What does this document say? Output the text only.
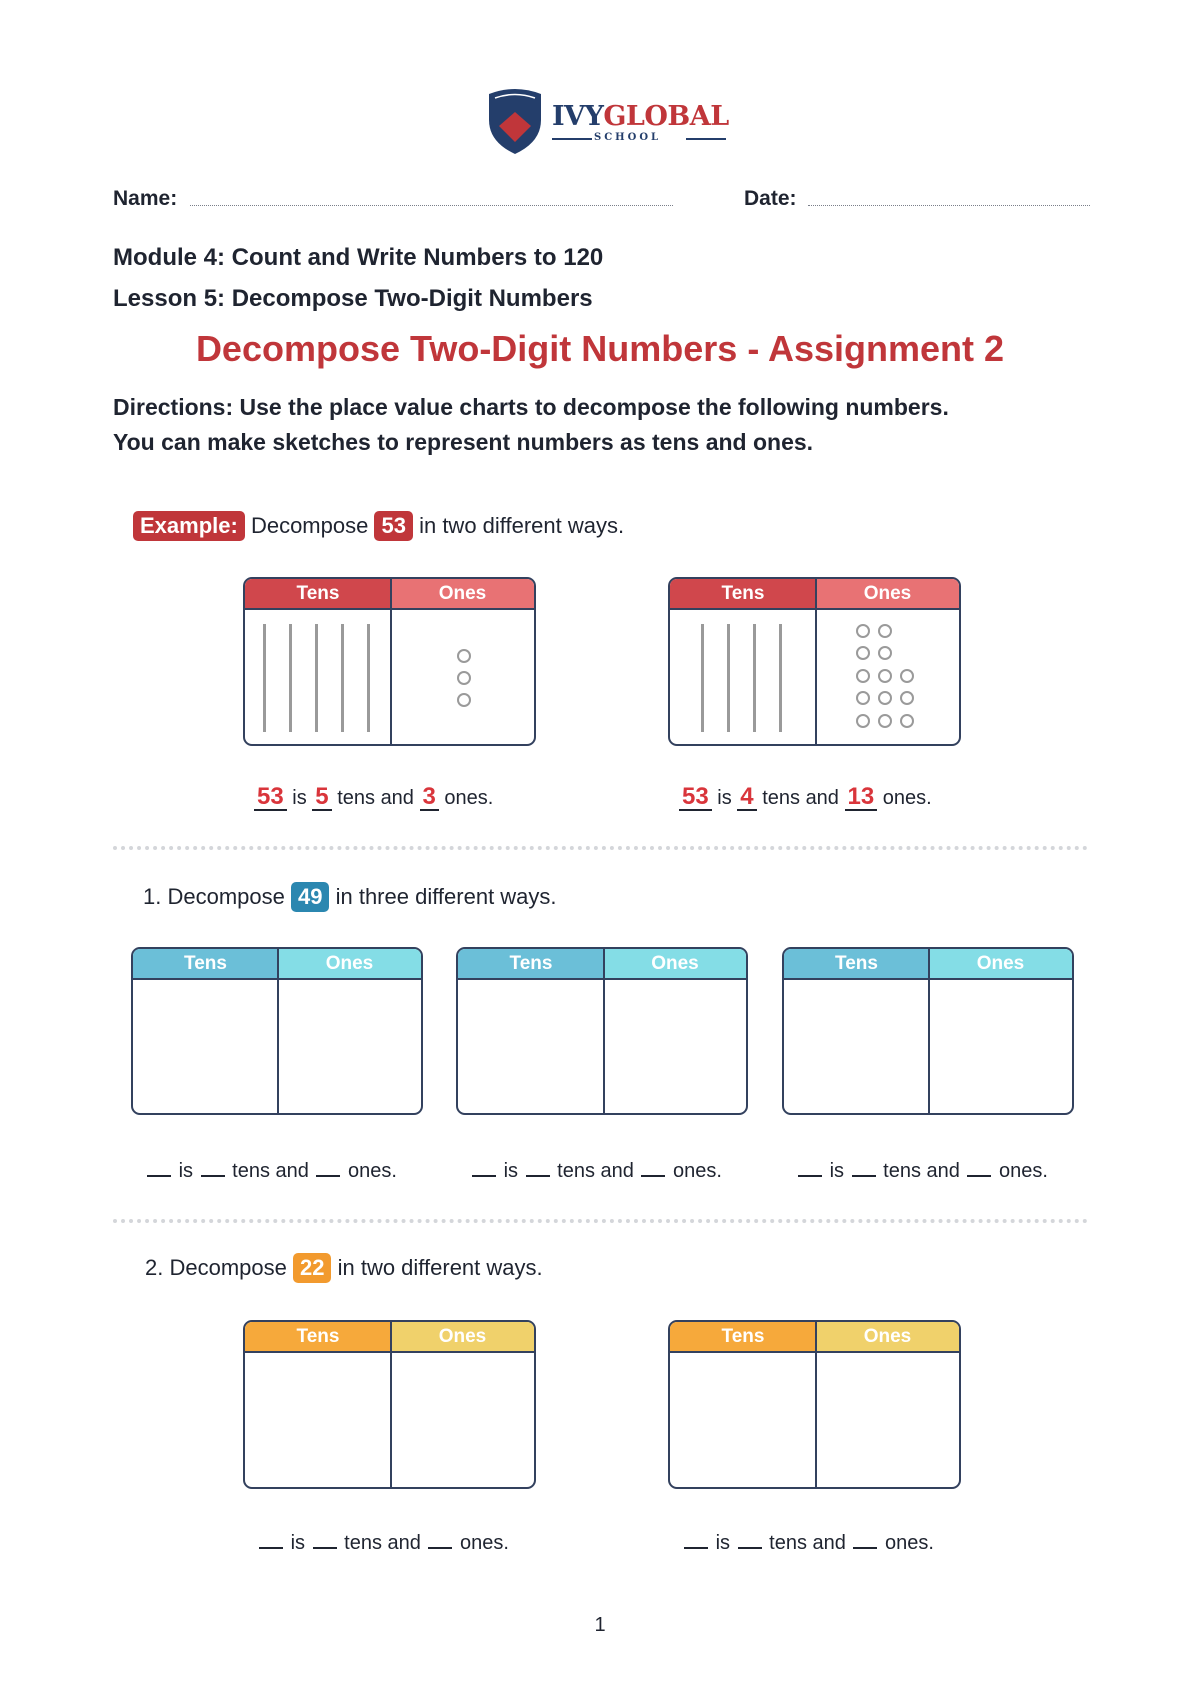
IVYGLOBAL
SCHOOL
Name:	Date:
Module 4: Count and Write Numbers to 120
Lesson 5: Decompose Two-Digit Numbers
Decompose Two-Digit Numbers - Assignment 2
Directions: Use the place value charts to decompose the following numbers.
You can make sketches to represent numbers as tens and ones.
Example: Decompose 53 in two different ways.
Tens	Ones
53 is 5 tens and 3 ones.
Tens	Ones
53 is 4 tens and 13 ones.
1. Decompose 49 in three different ways.
Tens	Ones	Tens	Ones	Tens	Ones
is tens and ones.	is tens and ones.	is tens and ones.
2. Decompose 22 in two different ways.
Tens	Ones	Tens	Ones
is tens and ones.	is tens and ones.
1
